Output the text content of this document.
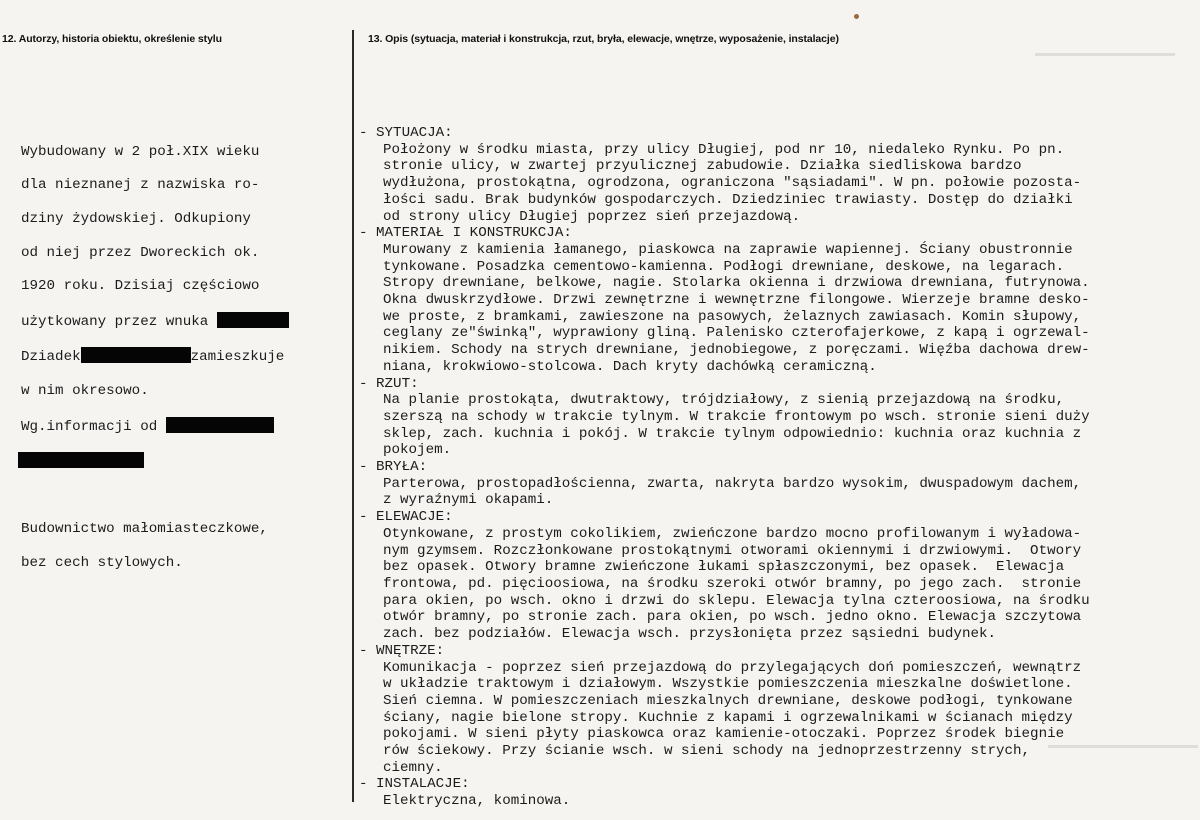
12. Autorzy, historia obiektu, określenie stylu	13. Opis (sytuacja, materiał i konstrukcja, rzut, bryła, elewacje, wnętrze, wyposażenie, instalacje)
▬▬▬▬▬▬▬▬▬▬▬▬▬▬
▬▬▬▬▬▬▬▬▬▬▬▬▬▬▬

Wybudowany w 2 poł.XIX wieku

dla nieznanej z nazwiska ro-

dziny żydowskiej. Odkupiony

od niej przez Dworeckich ok.

1920 roku. Dzisiaj częściowo

użytkowany przez wnuka

Dziadek	zamieszkuje

w nim okresowo.

Wg.informacji od

Budownictwo małomiasteczkowe,

bez cech stylowych.

- SYTUACJA:
Położony w środku miasta, przy ulicy Długiej, pod nr 10, niedaleko Rynku. Po pn.
stronie ulicy, w zwartej przyulicznej zabudowie. Działka siedliskowa bardzo
wydłużona, prostokątna, ogrodzona, ograniczona "sąsiadami". W pn. połowie pozosta-
łości sadu. Brak budynków gospodarczych. Dziedziniec trawiasty. Dostęp do działki
od strony ulicy Długiej poprzez sień przejazdową.
- MATERIAŁ I KONSTRUKCJA:
Murowany z kamienia łamanego, piaskowca na zaprawie wapiennej. Ściany obustronnie
tynkowane. Posadzka cementowo-kamienna. Podłogi drewniane, deskowe, na legarach.
Stropy drewniane, belkowe, nagie. Stolarka okienna i drzwiowa drewniana, futrynowa.
Okna dwuskrzydłowe. Drzwi zewnętrzne i wewnętrzne filongowe. Wierzeje bramne desko-
we proste, z bramkami, zawieszone na pasowych, żelaznych zawiasach. Komin słupowy,
ceglany ze"świnką", wyprawiony gliną. Palenisko czterofajerkowe, z kapą i ogrzewal-
nikiem. Schody na strych drewniane, jednobiegowe, z poręczami. Więźba dachowa drew-
niana, krokwiowo-stolcowa. Dach kryty dachówką ceramiczną.
- RZUT:
Na planie prostokąta, dwutraktowy, trójdziałowy, z sienią przejazdową na środku,
szerszą na schody w trakcie tylnym. W trakcie frontowym po wsch. stronie sieni duży
sklep, zach. kuchnia i pokój. W trakcie tylnym odpowiednio: kuchnia oraz kuchnia z
pokojem.
- BRYŁA:
Parterowa, prostopadłościenna, zwarta, nakryta bardzo wysokim, dwuspadowym dachem,
z wyraźnymi okapami.
- ELEWACJE:
Otynkowane, z prostym cokolikiem, zwieńczone bardzo mocno profilowanym i wyładowa-
nym gzymsem. Rozczłonkowane prostokątnymi otworami okiennymi i drzwiowymi.  Otwory
bez opasek. Otwory bramne zwieńczone łukami spłaszczonymi, bez opasek.  Elewacja
frontowa, pd. pięcioosiowa, na środku szeroki otwór bramny, po jego zach.  stronie
para okien, po wsch. okno i drzwi do sklepu. Elewacja tylna czteroosiowa, na środku
otwór bramny, po stronie zach. para okien, po wsch. jedno okno. Elewacja szczytowa
zach. bez podziałów. Elewacja wsch. przysłonięta przez sąsiedni budynek.
- WNĘTRZE:
Komunikacja - poprzez sień przejazdową do przylegających doń pomieszczeń, wewnątrz
w układzie traktowym i działowym. Wszystkie pomieszczenia mieszkalne doświetlone.
Sień ciemna. W pomieszczeniach mieszkalnych drewniane, deskowe podłogi, tynkowane
ściany, nagie bielone stropy. Kuchnie z kapami i ogrzewalnikami w ścianach między
pokojami. W sieni płyty piaskowca oraz kamienie-otoczaki. Poprzez środek biegnie
rów ściekowy. Przy ścianie wsch. w sieni schody na jednoprzestrzenny strych,
ciemny.
- INSTALACJE:
Elektryczna, kominowa.
